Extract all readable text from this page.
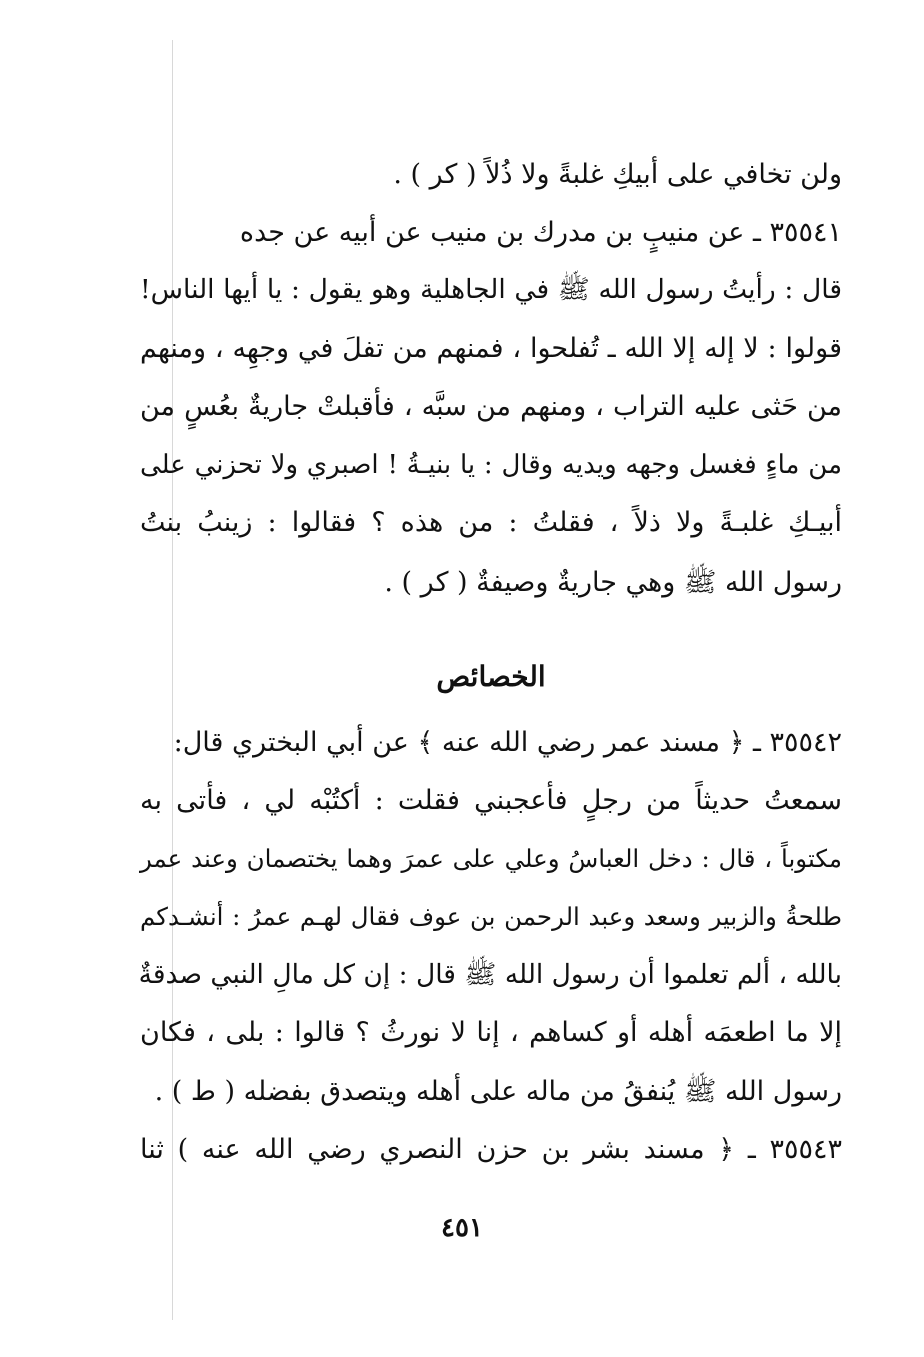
ولن تخافي على أبيكِ غلبةً ولا ذُلاً ( كر ) .
٣٥٥٤١ ـ عن منيبٍ بن مدرك بن منيب عن أبيه عن جده
قال : رأيتُ رسول الله ﷺ في الجاهلية وهو يقول : يا أيها الناس!
قولوا : لا إله إلا الله ـ تُفلحوا ، فمنهم من تفلَ في وجهِه ، ومنهم
من حَثى عليه التراب ، ومنهم من سبَّه ، فأقبلتْ جاريةٌ بعُسٍ من
من ماءٍ فغسل وجهه ويديه وقال : يا بنيـةُ ! اصبري ولا تحزني على
أبيـكِ غلبـةً ولا ذلاً ، فقلتُ : من هذه ؟ فقالوا : زينبُ بنتُ
رسول الله ﷺ وهي جاريةٌ وصيفةٌ ( كر ) .
٣٥٥٤٢ ـ ﴿ مسند عمر رضي الله عنه ﴾ عن أبي البختري قال:
سمعتُ حديثاً من رجلٍ فأعجبني فقلت : أكتُبْه لي ، فأتى به
مكتوباً ، قال : دخل العباسُ وعلي على عمرَ وهما يختصمان وعند عمر
طلحةُ والزبير وسعد وعبد الرحمن بن عوف فقال لهـم عمرُ : أنشـدكم
بالله ، ألم تعلموا أن رسول الله ﷺ قال : إن كل مالِ النبي صدقةٌ
إلا ما اطعمَه أهله أو كساهم ، إنا لا نورثُ ؟ قالوا : بلى ، فكان
رسول الله ﷺ يُنفقُ من ماله على أهله ويتصدق بفضله ( ط ) .
٣٥٥٤٣ ـ ﴿ مسند بشر بن حزن النصري رضي الله عنه ) ثنا
الخصائص
٤٥١
